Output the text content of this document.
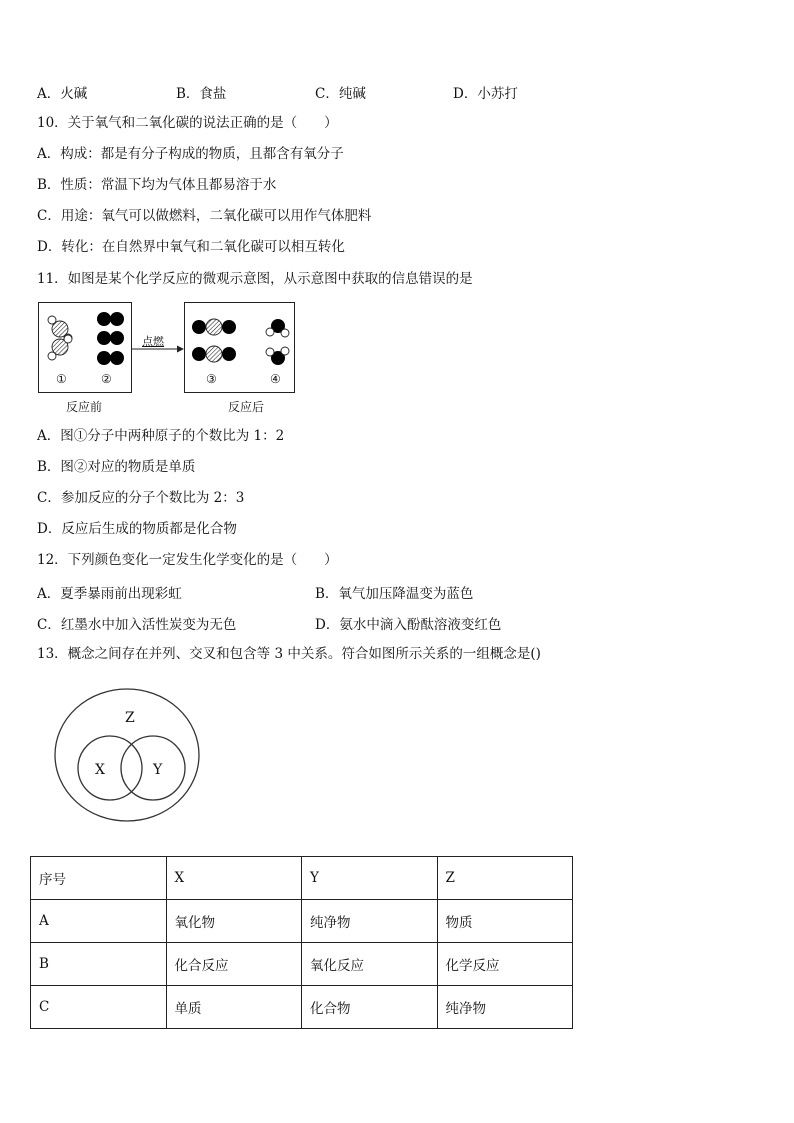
A．火碱	B．食盐	C．纯碱	D．小苏打
10．关于氧气和二氧化碳的说法正确的是（　　）
A．构成：都是有分子构成的物质，且都含有氧分子
B．性质：常温下均为气体且都易溶于水
C．用途：氧气可以做燃料，二氧化碳可以用作气体肥料
D．转化：在自然界中氧气和二氧化碳可以相互转化
11．如图是某个化学反应的微观示意图，从示意图中获取的信息错误的是
①	②
点燃
③	④
反应前	反应后
A．图①分子中两种原子的个数比为 1：2
B．图②对应的物质是单质
C．参加反应的分子个数比为 2：3
D．反应后生成的物质都是化合物
12．下列颜色变化一定发生化学变化的是（　　）
A．夏季暴雨前出现彩虹	B．氧气加压降温变为蓝色
C．红墨水中加入活性炭变为无色	D．氨水中滴入酚酞溶液变红色
13．概念之间存在并列、交叉和包含等 3 中关系。符合如图所示关系的一组概念是()
Z
X	Y
序号	X	Y	Z
A	氧化物	纯净物	物质
B	化合反应	氧化反应	化学反应
C	单质	化合物	纯净物
